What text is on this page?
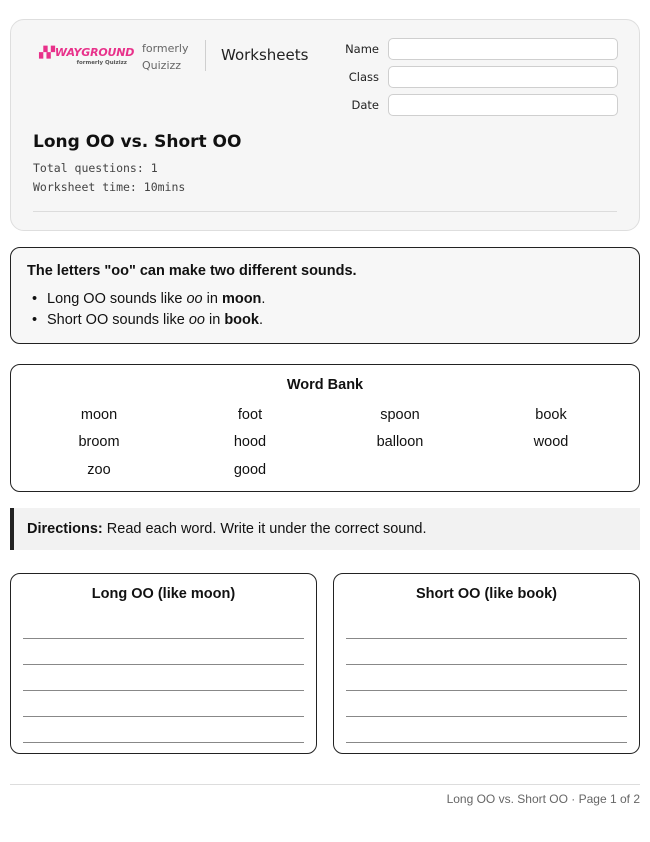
▞▞WAYGROUND
formerly Quizizz
formerly
Quizizz
Worksheets	Name
Class
Date
Long OO vs. Short OO
Total questions: 1
Worksheet time: 10mins
The letters "oo" can make two different sounds.
• Long OO sounds like oo in moon.
• Short OO sounds like oo in book.
Word Bank
moon	foot	spoon	book
broom	hood	balloon	wood
zoo	good
Directions: Read each word. Write it under the correct sound.
Long OO (like moon)	Short OO (like book)
Long OO vs. Short OO · Page 1 of 2
